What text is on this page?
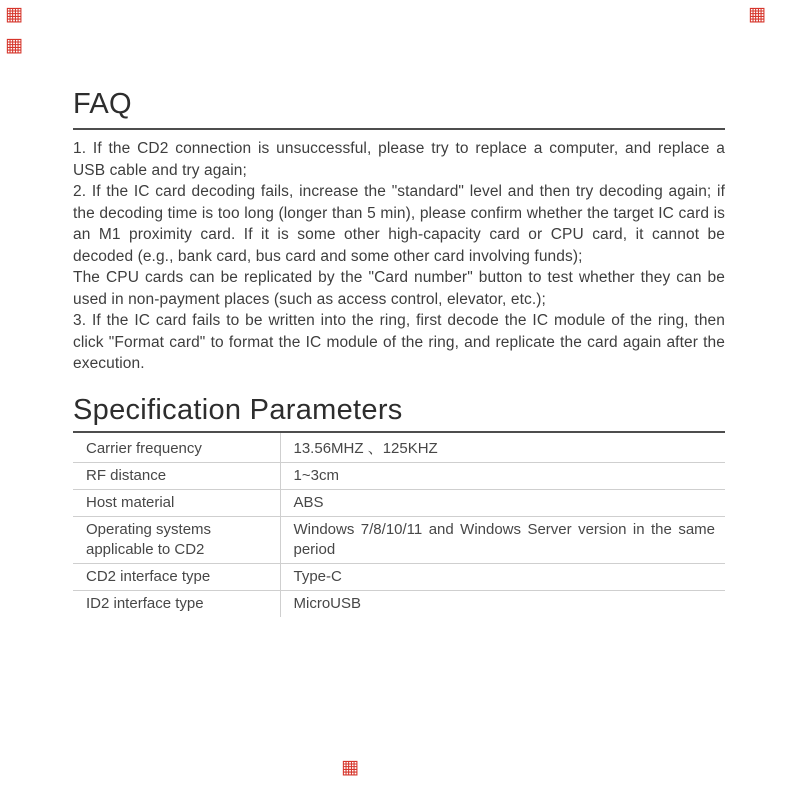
▦
▦
▦
▦
FAQ

1. If the CD2 connection is unsuccessful, please try to replace a computer, and replace a USB cable and try again;

2. If the IC card decoding fails, increase the "standard" level and then try decoding again; if the decoding time is too long (longer than 5 min), please confirm whether the target IC card is an M1 proximity card. If it is some other high-capacity card or CPU card, it cannot be decoded (e.g., bank card, bus card and some other card involving funds);

The CPU cards can be replicated by the "Card number" button to test whether they can be used in non-payment places (such as access control, elevator, etc.);

3. If the IC card fails to be written into the ring, first decode the IC module of the ring, then click "Format card" to format the IC module of the ring, and replicate the card again after the execution.

Specification Parameters
Carrier frequency	13.56MHZ 、125KHZ
RF distance	1~3cm
Host material	ABS
Operating systems applicable to CD2	Windows 7/8/10/11 and Windows Server version in the same period
CD2 interface type	Type-C
ID2 interface type	MicroUSB
